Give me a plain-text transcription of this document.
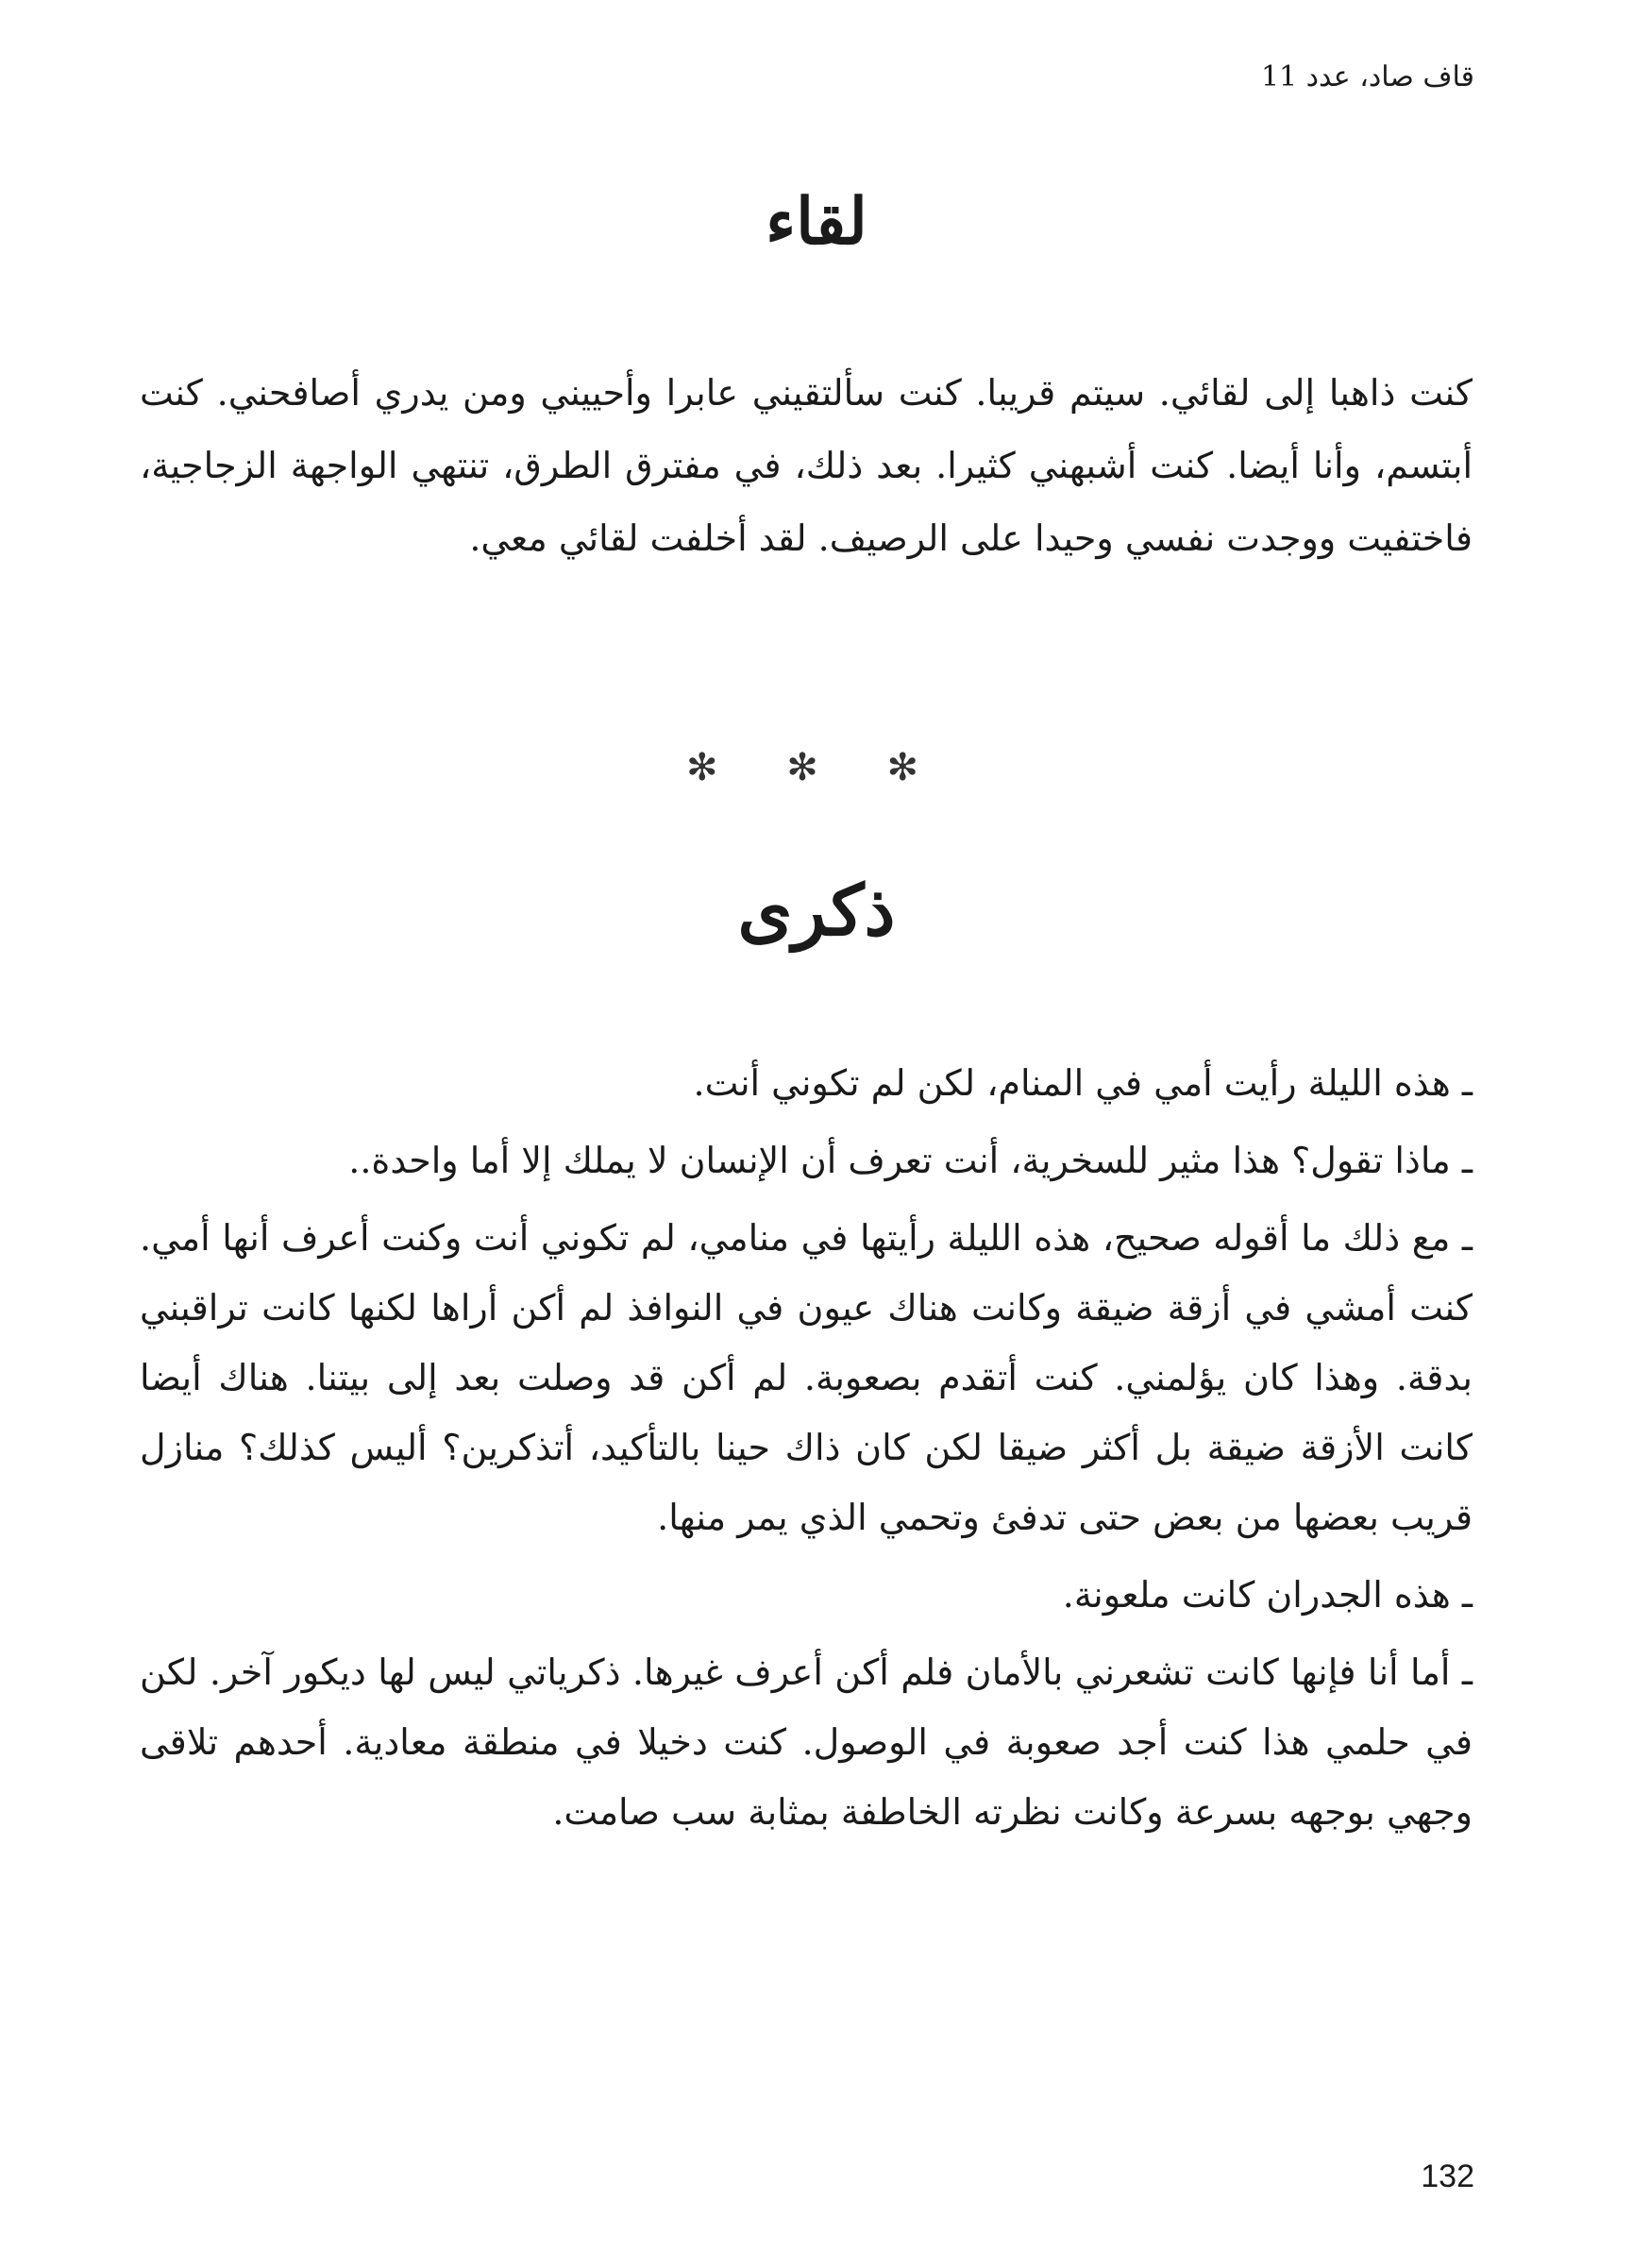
قاف صاد، عدد 11
لقاء

كنت ذاهبا إلى لقائي. سيتم قريبا. كنت سألتقيني عابرا وأحييني ومن يدري أصافحني. كنت أبتسم، وأنا أيضا. كنت أشبهني كثيرا. بعد ذلك، في مفترق الطرق، تنتهي الواجهة الزجاجية، فاختفيت ووجدت نفسي وحيدا على الرصيف. لقد أخلفت لقائي معي.

✻ ✻ ✻
ذكرى

ـ هذه الليلة رأيت أمي في المنام، لكن لم تكوني أنت.

ـ ماذا تقول؟ هذا مثير للسخرية، أنت تعرف أن الإنسان لا يملك إلا أما واحدة..

ـ مع ذلك ما أقوله صحيح، هذه الليلة رأيتها في منامي، لم تكوني أنت وكنت أعرف أنها أمي. كنت أمشي في أزقة ضيقة وكانت هناك عيون في النوافذ لم أكن أراها لكنها كانت تراقبني بدقة. وهذا كان يؤلمني. كنت أتقدم بصعوبة. لم أكن قد وصلت بعد إلى بيتنا. هناك أيضا كانت الأزقة ضيقة بل أكثر ضيقا لكن كان ذاك حينا بالتأكيد، أتذكرين؟ أليس كذلك؟ منازل قريب بعضها من بعض حتى تدفئ وتحمي الذي يمر منها.

ـ هذه الجدران كانت ملعونة.

ـ أما أنا فإنها كانت تشعرني بالأمان فلم أكن أعرف غيرها. ذكرياتي ليس لها ديكور آخر. لكن في حلمي هذا كنت أجد صعوبة في الوصول. كنت دخيلا في منطقة معادية. أحدهم تلاقى وجهي بوجهه بسرعة وكانت نظرته الخاطفة بمثابة سب صامت.

132
